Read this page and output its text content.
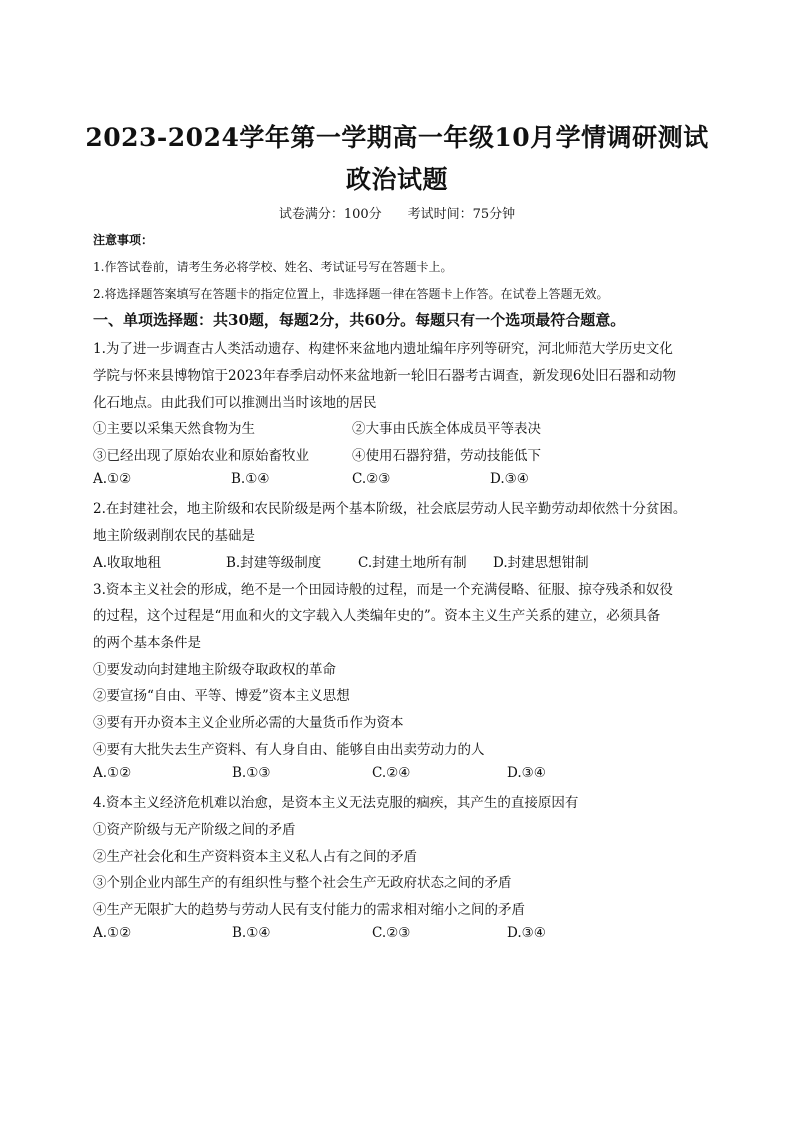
2023-2024学年第一学期高一年级10月学情调研测试
政治试题
试卷满分：100分　　考试时间：75分钟
注意事项：
1.作答试卷前，请考生务必将学校、姓名、考试证号写在答题卡上。
2.将选择题答案填写在答题卡的指定位置上，非选择题一律在答题卡上作答。在试卷上答题无效。
一、单项选择题：共30题，每题2分，共60分。每题只有一个选项最符合题意。
1.为了进一步调查古人类活动遗存、构建怀来盆地内遗址编年序列等研究，河北师范大学历史文化
学院与怀来县博物馆于2023年春季启动怀来盆地新一轮旧石器考古调查，新发现6处旧石器和动物
化石地点。由此我们可以推测出当时该地的居民
①主要以采集天然食物为生	②大事由氏族全体成员平等表决
③已经出现了原始农业和原始畜牧业	④使用石器狩猎，劳动技能低下
A.①②	B.①④	C.②③	D.③④
2.在封建社会，地主阶级和农民阶级是两个基本阶级，社会底层劳动人民辛勤劳动却依然十分贫困。
地主阶级剥削农民的基础是
A.收取地租	B.封建等级制度	C.封建土地所有制 D.封建思想钳制
3.资本主义社会的形成，绝不是一个田园诗般的过程，而是一个充满侵略、征服、掠夺残杀和奴役
的过程，这个过程是“用血和火的文字载入人类编年史的”。资本主义生产关系的建立，必须具备
的两个基本条件是
①要发动向封建地主阶级夺取政权的革命
②要宣扬“自由、平等、博爱”资本主义思想
③要有开办资本主义企业所必需的大量货币作为资本
④要有大批失去生产资料、有人身自由、能够自由出卖劳动力的人
A.①②	B.①③	C.②④	D.③④
4.资本主义经济危机难以治愈，是资本主义无法克服的痼疾，其产生的直接原因有
①资产阶级与无产阶级之间的矛盾
②生产社会化和生产资料资本主义私人占有之间的矛盾
③个别企业内部生产的有组织性与整个社会生产无政府状态之间的矛盾
④生产无限扩大的趋势与劳动人民有支付能力的需求相对缩小之间的矛盾
A.①②	B.①④	C.②③	D.③④
